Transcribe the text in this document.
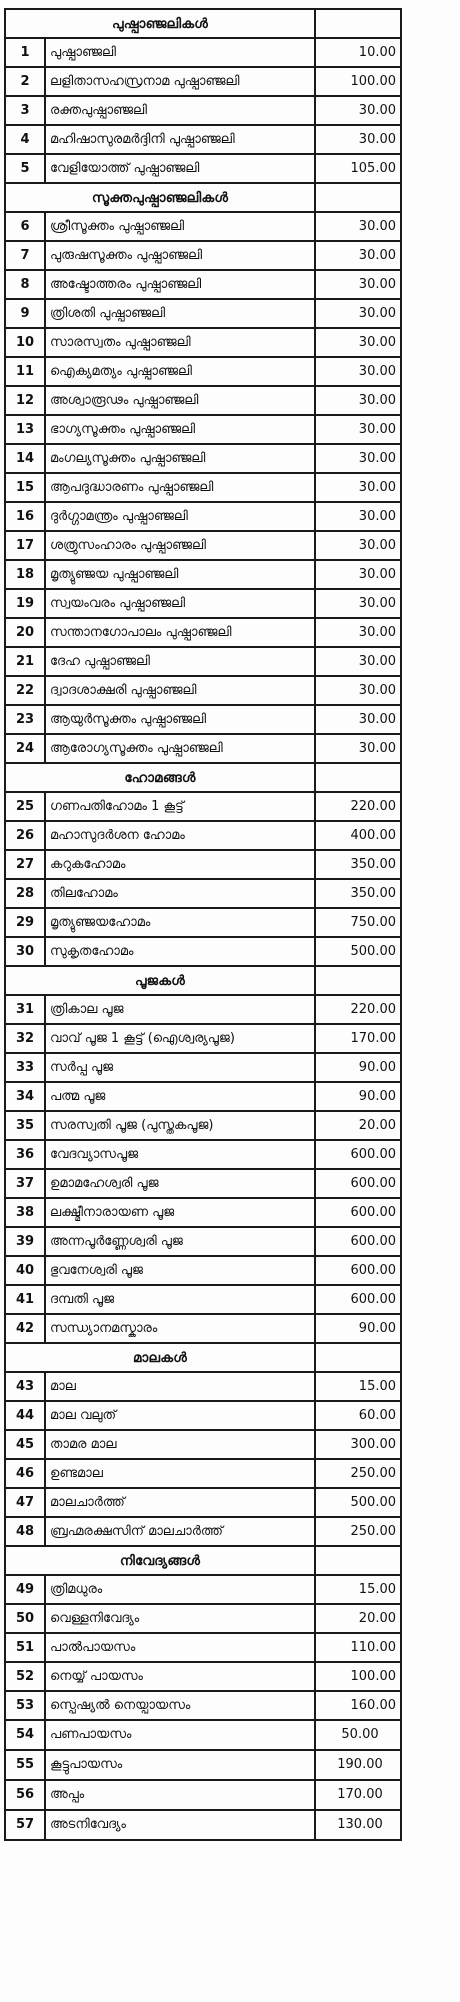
പുഷ്പാഞ്ജലികൾ		
1	പുഷ്പാഞ്ജലി	10.00
2	ലളിതാസഹസ്രനാമ പുഷ്പാഞ്ജലി	100.00
3	രക്തപുഷ്പാഞ്ജലി	30.00
4	മഹിഷാസുരമർദ്ദിനി പുഷ്പാഞ്ജലി	30.00
5	വേളിയോത്ത് പുഷ്പാഞ്ജലി	105.00
സൂക്തപുഷ്പാഞ്ജലികൾ		
6	ശ്രീസൂക്തം പുഷ്പാഞ്ജലി	30.00
7	പുരുഷസൂക്തം പുഷ്പാഞ്ജലി	30.00
8	അഷ്ടോത്തരം പുഷ്പാഞ്ജലി	30.00
9	ത്രിശതി പുഷ്പാഞ്ജലി	30.00
10	സാരസ്വതം പുഷ്പാഞ്ജലി	30.00
11	ഐക്യമത്യം പുഷ്പാഞ്ജലി	30.00
12	അശ്വാരൂഢം പുഷ്പാഞ്ജലി	30.00
13	ഭാഗ്യസൂക്തം പുഷ്പാഞ്ജലി	30.00
14	മംഗല്യസൂക്തം പുഷ്പാഞ്ജലി	30.00
15	ആപദുദ്ധാരണം പുഷ്പാഞ്ജലി	30.00
16	ദുർഗ്ഗാമന്ത്രം പുഷ്പാഞ്ജലി	30.00
17	ശത്രുസംഹാരം പുഷ്പാഞ്ജലി	30.00
18	മൃത്യുഞ്ജയ പുഷ്പാഞ്ജലി	30.00
19	സ്വയംവരം പുഷ്പാഞ്ജലി	30.00
20	സന്താനഗോപാലം പുഷ്പാഞ്ജലി	30.00
21	ദേഹ പുഷ്പാഞ്ജലി	30.00
22	ദ്വാദശാക്ഷരി പുഷ്പാഞ്ജലി	30.00
23	ആയുർസൂക്തം പുഷ്പാഞ്ജലി	30.00
24	ആരോഗ്യസൂക്തം പുഷ്പാഞ്ജലി	30.00
ഹോമങ്ങൾ		
25	ഗണപതിഹോമം 1 കൂട്ട്	220.00
26	മഹാസുദർശന ഹോമം	400.00
27	കറുകഹോമം	350.00
28	തിലഹോമം	350.00
29	മൃത്യുഞ്ജയഹോമം	750.00
30	സുകൃതഹോമം	500.00
പൂജകൾ		
31	ത്രികാല പൂജ	220.00
32	വാവ് പൂജ 1 കൂട്ട് (ഐശ്വര്യപൂജ)	170.00
33	സർപ്പ പൂജ	90.00
34	പത്മ പൂജ	90.00
35	സരസ്വതി പൂജ (പുസ്തകപൂജ)	20.00
36	വേദവ്യാസപൂജ	600.00
37	ഉമാമഹേശ്വരി പൂജ	600.00
38	ലക്ഷ്മീനാരായണ പൂജ	600.00
39	അന്നപൂർണ്ണേശ്വരി പൂജ	600.00
40	ഭുവനേശ്വരി പൂജ	600.00
41	ദമ്പതി പൂജ	600.00
42	സന്ധ്യാനമസ്കാരം	90.00
മാലകൾ		
43	മാല	15.00
44	മാല വലുത്	60.00
45	താമര മാല	300.00
46	ഉണ്ടമാല	250.00
47	മാലചാർത്ത്	500.00
48	ബ്രഹ്മരക്ഷസിന് മാലചാർത്ത്	250.00
നിവേദ്യങ്ങൾ		
49	ത്രിമധുരം	15.00
50	വെള്ളനിവേദ്യം	20.00
51	പാൽപായസം	110.00
52	നെയ്യ് പായസം	100.00
53	സ്പെഷ്യൽ നെയ്പായസം	160.00
54	പണപായസം	50.00
55	കൂട്ടുപായസം	190.00
56	അപ്പം	170.00
57	അടനിവേദ്യം	130.00
